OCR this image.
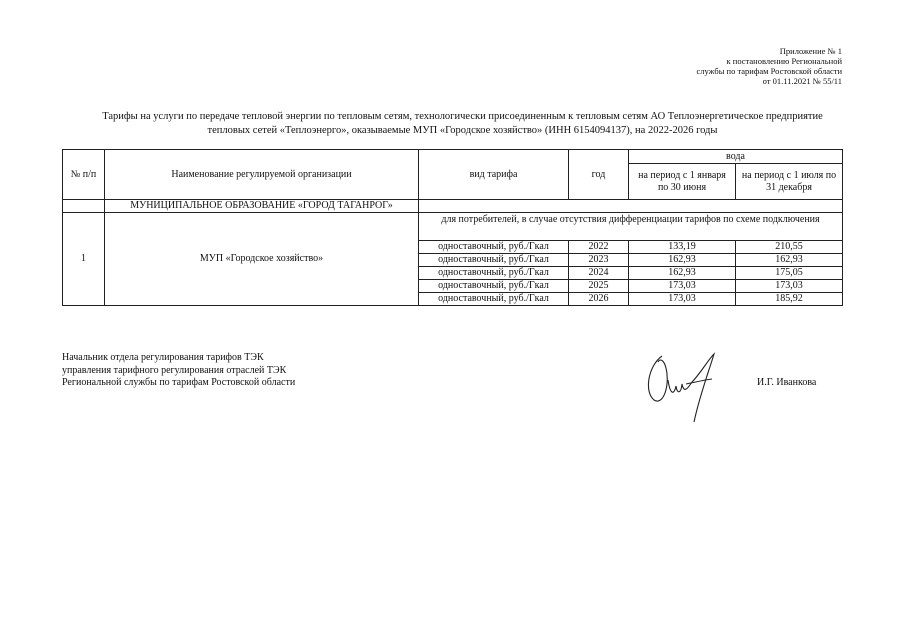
Приложение № 1
к постановлению Региональной
службы по тарифам Ростовской области
от 01.11.2021 № 55/11
Тарифы на услуги по передаче тепловой энергии по тепловым сетям, технологически присоединенным к тепловым сетям АО Теплоэнергетическое предприятие
тепловых сетей «Теплоэнерго», оказываемые МУП «Городское хозяйство» (ИНН 6154094137), на 2022-2026 годы
№ п/п	Наименование регулируемой организации	вид тарифа	год	вода	
				на период с 1 января по 30 июня	на период с 1 июля по 31 декабря
	МУНИЦИПАЛЬНОЕ ОБРАЗОВАНИЕ «ГОРОД ТАГАНРОГ»				
1	МУП «Городское хозяйство»	для потребителей, в случае отсутствия дифференциации тарифов по схеме подключения			
		одноставочный, руб./Гкал	2022	133,19	210,55
		одноставочный, руб./Гкал	2023	162,93	162,93
		одноставочный, руб./Гкал	2024	162,93	175,05
		одноставочный, руб./Гкал	2025	173,03	173,03
		одноставочный, руб./Гкал	2026	173,03	185,92
Начальник отдела регулирования тарифов ТЭК
управления тарифного регулирования отраслей ТЭК
Региональной службы по тарифам Ростовской области	И.Г. Иванкова
